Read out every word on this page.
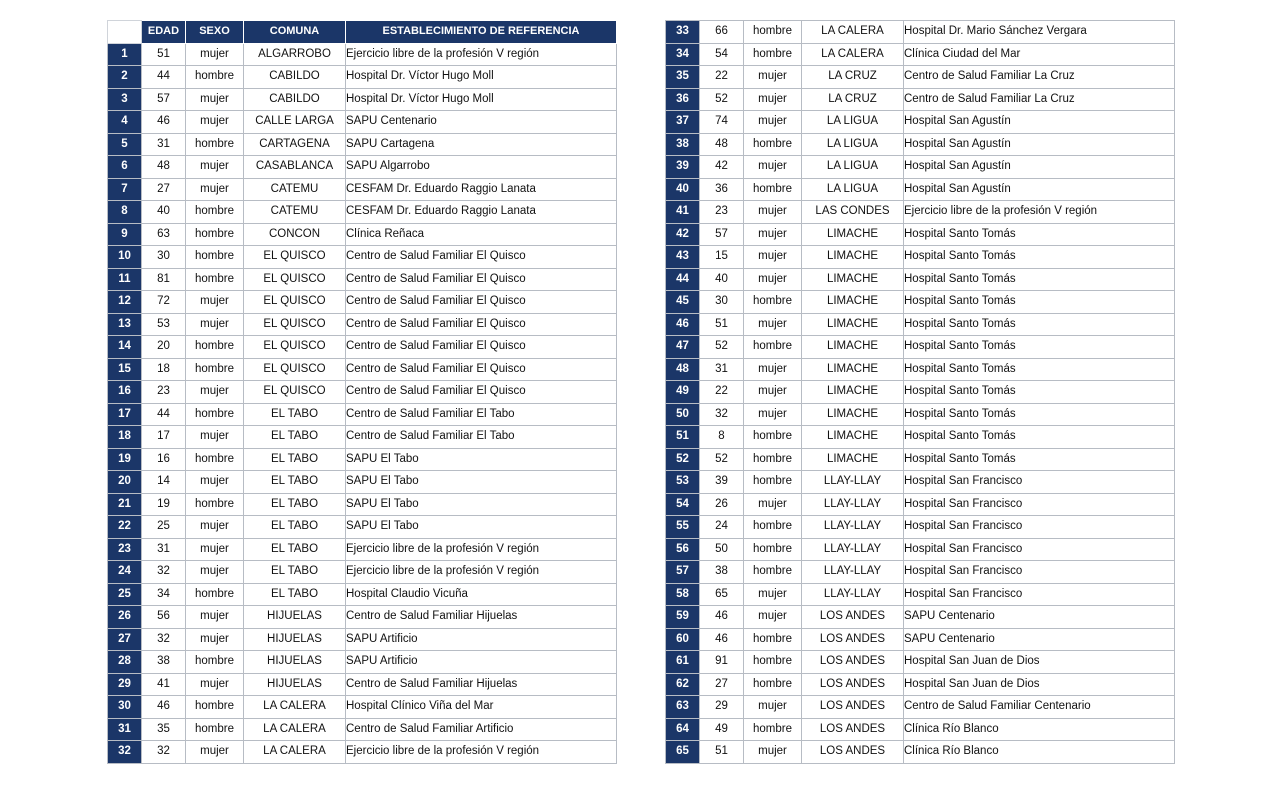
	EDAD	SEXO	COMUNA	ESTABLECIMIENTO DE REFERENCIA
1	51	mujer	ALGARROBO	Ejercicio libre de la profesión V región
2	44	hombre	CABILDO	Hospital Dr. Víctor Hugo Moll
3	57	mujer	CABILDO	Hospital Dr. Víctor Hugo Moll
4	46	mujer	CALLE LARGA	SAPU Centenario
5	31	hombre	CARTAGENA	SAPU Cartagena
6	48	mujer	CASABLANCA	SAPU Algarrobo
7	27	mujer	CATEMU	CESFAM Dr. Eduardo Raggio Lanata
8	40	hombre	CATEMU	CESFAM Dr. Eduardo Raggio Lanata
9	63	hombre	CONCON	Clínica Reñaca
10	30	hombre	EL QUISCO	Centro de Salud Familiar El Quisco
11	81	hombre	EL QUISCO	Centro de Salud Familiar El Quisco
12	72	mujer	EL QUISCO	Centro de Salud Familiar El Quisco
13	53	mujer	EL QUISCO	Centro de Salud Familiar El Quisco
14	20	hombre	EL QUISCO	Centro de Salud Familiar El Quisco
15	18	hombre	EL QUISCO	Centro de Salud Familiar El Quisco
16	23	mujer	EL QUISCO	Centro de Salud Familiar El Quisco
17	44	hombre	EL TABO	Centro de Salud Familiar El Tabo
18	17	mujer	EL TABO	Centro de Salud Familiar El Tabo
19	16	hombre	EL TABO	SAPU El Tabo
20	14	mujer	EL TABO	SAPU El Tabo
21	19	hombre	EL TABO	SAPU El Tabo
22	25	mujer	EL TABO	SAPU El Tabo
23	31	mujer	EL TABO	Ejercicio libre de la profesión V región
24	32	mujer	EL TABO	Ejercicio libre de la profesión V región
25	34	hombre	EL TABO	Hospital Claudio Vicuña
26	56	mujer	HIJUELAS	Centro de Salud Familiar Hijuelas
27	32	mujer	HIJUELAS	SAPU Artificio
28	38	hombre	HIJUELAS	SAPU Artificio
29	41	mujer	HIJUELAS	Centro de Salud Familiar Hijuelas
30	46	hombre	LA CALERA	Hospital Clínico Viña del Mar
31	35	hombre	LA CALERA	Centro de Salud Familiar Artificio
32	32	mujer	LA CALERA	Ejercicio libre de la profesión V región
33	66	hombre	LA CALERA	Hospital Dr. Mario Sánchez Vergara
34	54	hombre	LA CALERA	Clínica Ciudad del Mar
35	22	mujer	LA CRUZ	Centro de Salud Familiar La Cruz
36	52	mujer	LA CRUZ	Centro de Salud Familiar La Cruz
37	74	mujer	LA LIGUA	Hospital San Agustín
38	48	hombre	LA LIGUA	Hospital San Agustín
39	42	mujer	LA LIGUA	Hospital San Agustín
40	36	hombre	LA LIGUA	Hospital San Agustín
41	23	mujer	LAS CONDES	Ejercicio libre de la profesión V región
42	57	mujer	LIMACHE	Hospital Santo Tomás
43	15	mujer	LIMACHE	Hospital Santo Tomás
44	40	mujer	LIMACHE	Hospital Santo Tomás
45	30	hombre	LIMACHE	Hospital Santo Tomás
46	51	mujer	LIMACHE	Hospital Santo Tomás
47	52	hombre	LIMACHE	Hospital Santo Tomás
48	31	mujer	LIMACHE	Hospital Santo Tomás
49	22	mujer	LIMACHE	Hospital Santo Tomás
50	32	mujer	LIMACHE	Hospital Santo Tomás
51	8	hombre	LIMACHE	Hospital Santo Tomás
52	52	hombre	LIMACHE	Hospital Santo Tomás
53	39	hombre	LLAY-LLAY	Hospital San Francisco
54	26	mujer	LLAY-LLAY	Hospital San Francisco
55	24	hombre	LLAY-LLAY	Hospital San Francisco
56	50	hombre	LLAY-LLAY	Hospital San Francisco
57	38	hombre	LLAY-LLAY	Hospital San Francisco
58	65	mujer	LLAY-LLAY	Hospital San Francisco
59	46	mujer	LOS ANDES	SAPU Centenario
60	46	hombre	LOS ANDES	SAPU Centenario
61	91	hombre	LOS ANDES	Hospital San Juan de Dios
62	27	hombre	LOS ANDES	Hospital San Juan de Dios
63	29	mujer	LOS ANDES	Centro de Salud Familiar Centenario
64	49	hombre	LOS ANDES	Clínica Río Blanco
65	51	mujer	LOS ANDES	Clínica Río Blanco
